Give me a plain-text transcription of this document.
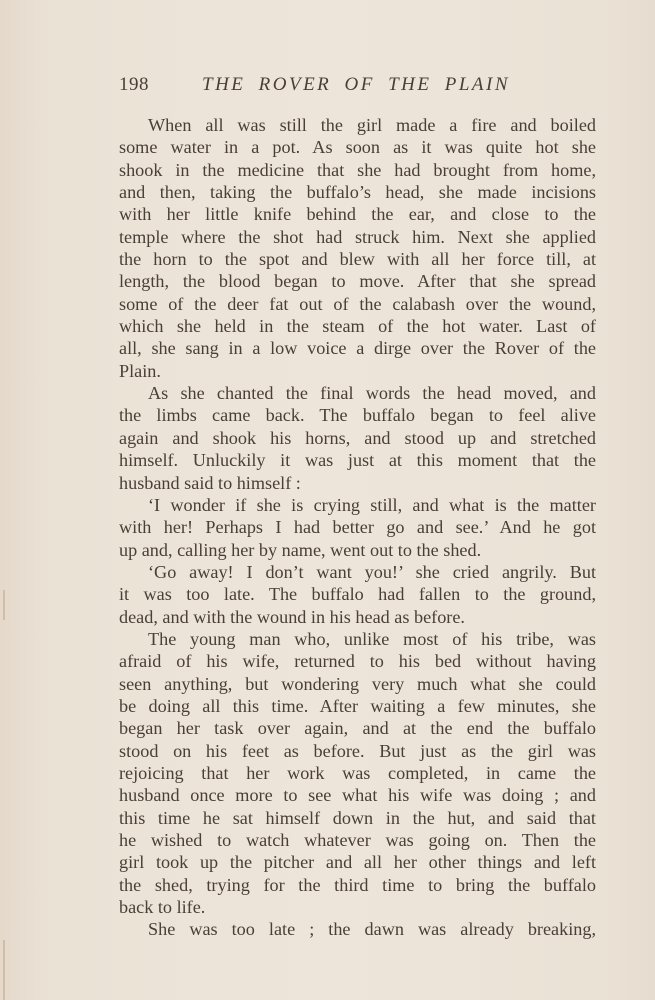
198	THE ROVER OF THE PLAIN
When all was still the girl made a fire and boiled
some water in a pot. As soon as it was quite hot she
shook in the medicine that she had brought from home,
and then, taking the buffalo’s head, she made incisions
with her little knife behind the ear, and close to the
temple where the shot had struck him. Next she applied
the horn to the spot and blew with all her force till, at
length, the blood began to move. After that she spread
some of the deer fat out of the calabash over the wound,
which she held in the steam of the hot water. Last of
all, she sang in a low voice a dirge over the Rover of the
Plain.
As she chanted the final words the head moved, and
the limbs came back. The buffalo began to feel alive
again and shook his horns, and stood up and stretched
himself. Unluckily it was just at this moment that the
husband said to himself :
‘I wonder if she is crying still, and what is the matter
with her! Perhaps I had better go and see.’ And he got
up and, calling her by name, went out to the shed.
‘Go away! I don’t want you!’ she cried angrily. But
it was too late. The buffalo had fallen to the ground,
dead, and with the wound in his head as before.
The young man who, unlike most of his tribe, was
afraid of his wife, returned to his bed without having
seen anything, but wondering very much what she could
be doing all this time. After waiting a few minutes, she
began her task over again, and at the end the buffalo
stood on his feet as before. But just as the girl was
rejoicing that her work was completed, in came the
husband once more to see what his wife was doing ; and
this time he sat himself down in the hut, and said that
he wished to watch whatever was going on. Then the
girl took up the pitcher and all her other things and left
the shed, trying for the third time to bring the buffalo
back to life.
She was too late ; the dawn was already breaking,
